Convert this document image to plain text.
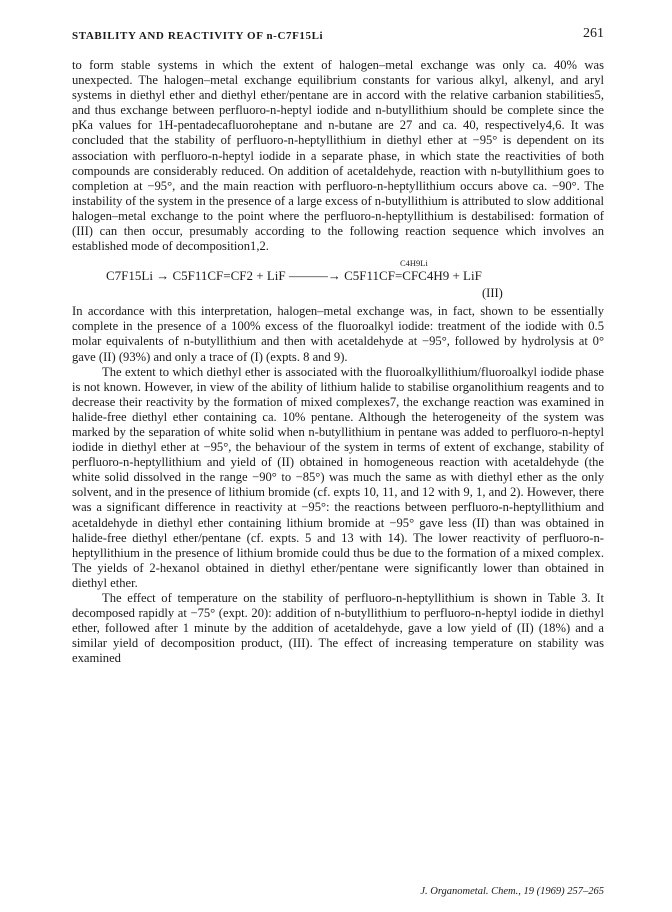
STABILITY AND REACTIVITY OF n-C7F15Li	261

to form stable systems in which the extent of halogen–metal exchange was only ca. 40% was unexpected. The halogen–metal exchange equilibrium constants for various alkyl, alkenyl, and aryl systems in diethyl ether and diethyl ether/pentane are in accord with the relative carbanion stabilities5, and thus exchange between perfluoro-n-heptyl iodide and n-butyllithium should be complete since the pKa values for 1H-pentadecafluoroheptane and n-butane are 27 and ca. 40, respectively4,6. It was concluded that the stability of perfluoro-n-heptyllithium in diethyl ether at −95° is dependent on its association with perfluoro-n-heptyl iodide in a separate phase, in which state the reactivities of both compounds are considerably reduced. On addition of acetaldehyde, reaction with n-butyllithium goes to completion at −95°, and the main reaction with perfluoro-n-heptyllithium occurs above ca. −90°. The instability of the system in the presence of a large excess of n-butyllithium is attributed to slow additional halogen–metal exchange to the point where the perfluoro-n-heptyllithium is destabilised: formation of (III) can then occur, presumably according to the following reaction sequence which involves an established mode of decomposition1,2.

C4H9Li
C7F15Li → C5F11CF=CF2 + LiF ———→ C5F11CF=CFC4H9 + LiF
(III)

In accordance with this interpretation, halogen–metal exchange was, in fact, shown to be essentially complete in the presence of a 100% excess of the fluoroalkyl iodide: treatment of the iodide with 0.5 molar equivalents of n-butyllithium and then with acetaldehyde at −95°, followed by hydrolysis at 0° gave (II) (93%) and only a trace of (I) (expts. 8 and 9).

The extent to which diethyl ether is associated with the fluoroalkyllithium/fluoroalkyl iodide phase is not known. However, in view of the ability of lithium halide to stabilise organolithium reagents and to decrease their reactivity by the formation of mixed complexes7, the exchange reaction was examined in halide-free diethyl ether containing ca. 10% pentane. Although the heterogeneity of the system was marked by the separation of white solid when n-butyllithium in pentane was added to perfluoro-n-heptyl iodide in diethyl ether at −95°, the behaviour of the system in terms of extent of exchange, stability of perfluoro-n-heptyllithium and yield of (II) obtained in homogeneous reaction with acetaldehyde (the white solid dissolved in the range −90° to −85°) was much the same as with diethyl ether as the only solvent, and in the presence of lithium bromide (cf. expts 10, 11, and 12 with 9, 1, and 2). However, there was a significant difference in reactivity at −95°: the reactions between perfluoro-n-heptyllithium and acetaldehyde in diethyl ether containing lithium bromide at −95° gave less (II) than was obtained in halide-free diethyl ether/pentane (cf. expts. 5 and 13 with 14). The lower reactivity of perfluoro-n-heptyllithium in the presence of lithium bromide could thus be due to the formation of a mixed complex. The yields of 2-hexanol obtained in diethyl ether/pentane were significantly lower than obtained in diethyl ether.

The effect of temperature on the stability of perfluoro-n-heptyllithium is shown in Table 3. It decomposed rapidly at −75° (expt. 20): addition of n-butyllithium to perfluoro-n-heptyl iodide in diethyl ether, followed after 1 minute by the addition of acetaldehyde, gave a low yield of (II) (18%) and a similar yield of decomposition product, (III). The effect of increasing temperature on stability was examined

J. Organometal. Chem., 19 (1969) 257–265
